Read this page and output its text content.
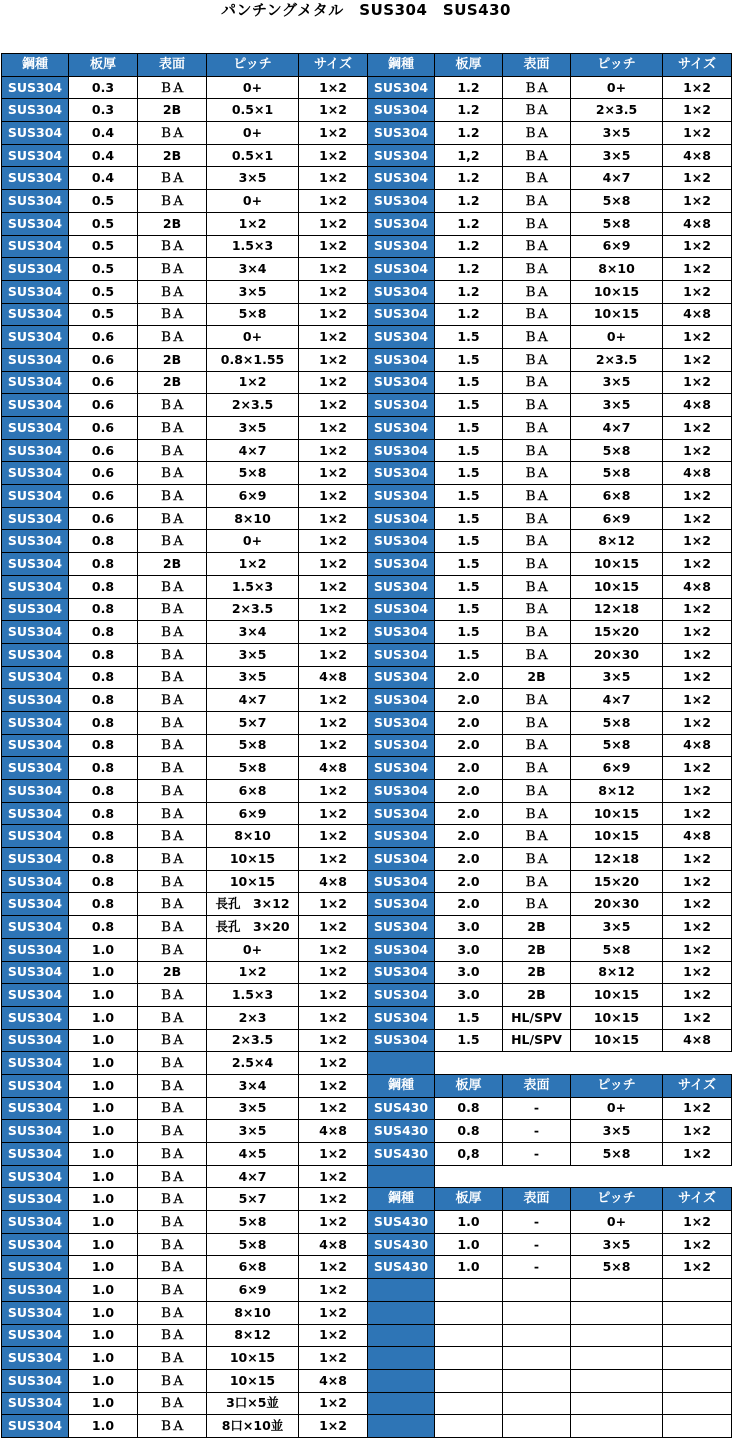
パンチングメタル　SUS304　SUS430
鋼種	板厚	表面	ピッチ	サイズ
SUS304	0.3	ＢＡ	0+	1×2
SUS304	0.3	2B	0.5×1	1×2
SUS304	0.4	ＢＡ	0+	1×2
SUS304	0.4	2B	0.5×1	1×2
SUS304	0.4	ＢＡ	3×5	1×2
SUS304	0.5	ＢＡ	0+	1×2
SUS304	0.5	2B	1×2	1×2
SUS304	0.5	ＢＡ	1.5×3	1×2
SUS304	0.5	ＢＡ	3×4	1×2
SUS304	0.5	ＢＡ	3×5	1×2
SUS304	0.5	ＢＡ	5×8	1×2
SUS304	0.6	ＢＡ	0+	1×2
SUS304	0.6	2B	0.8×1.55	1×2
SUS304	0.6	2B	1×2	1×2
SUS304	0.6	ＢＡ	2×3.5	1×2
SUS304	0.6	ＢＡ	3×5	1×2
SUS304	0.6	ＢＡ	4×7	1×2
SUS304	0.6	ＢＡ	5×8	1×2
SUS304	0.6	ＢＡ	6×9	1×2
SUS304	0.6	ＢＡ	8×10	1×2
SUS304	0.8	ＢＡ	0+	1×2
SUS304	0.8	2B	1×2	1×2
SUS304	0.8	ＢＡ	1.5×3	1×2
SUS304	0.8	ＢＡ	2×3.5	1×2
SUS304	0.8	ＢＡ	3×4	1×2
SUS304	0.8	ＢＡ	3×5	1×2
SUS304	0.8	ＢＡ	3×5	4×8
SUS304	0.8	ＢＡ	4×7	1×2
SUS304	0.8	ＢＡ	5×7	1×2
SUS304	0.8	ＢＡ	5×8	1×2
SUS304	0.8	ＢＡ	5×8	4×8
SUS304	0.8	ＢＡ	6×8	1×2
SUS304	0.8	ＢＡ	6×9	1×2
SUS304	0.8	ＢＡ	8×10	1×2
SUS304	0.8	ＢＡ	10×15	1×2
SUS304	0.8	ＢＡ	10×15	4×8
SUS304	0.8	ＢＡ	長孔　3×12	1×2
SUS304	0.8	ＢＡ	長孔　3×20	1×2
SUS304	1.0	ＢＡ	0+	1×2
SUS304	1.0	2B	1×2	1×2
SUS304	1.0	ＢＡ	1.5×3	1×2
SUS304	1.0	ＢＡ	2×3	1×2
SUS304	1.0	ＢＡ	2×3.5	1×2
SUS304	1.0	ＢＡ	2.5×4	1×2
SUS304	1.0	ＢＡ	3×4	1×2
SUS304	1.0	ＢＡ	3×5	1×2
SUS304	1.0	ＢＡ	3×5	4×8
SUS304	1.0	ＢＡ	4×5	1×2
SUS304	1.0	ＢＡ	4×7	1×2
SUS304	1.0	ＢＡ	5×7	1×2
SUS304	1.0	ＢＡ	5×8	1×2
SUS304	1.0	ＢＡ	5×8	4×8
SUS304	1.0	ＢＡ	6×8	1×2
SUS304	1.0	ＢＡ	6×9	1×2
SUS304	1.0	ＢＡ	8×10	1×2
SUS304	1.0	ＢＡ	8×12	1×2
SUS304	1.0	ＢＡ	10×15	1×2
SUS304	1.0	ＢＡ	10×15	4×8
SUS304	1.0	ＢＡ	3口×5並	1×2
SUS304	1.0	ＢＡ	8口×10並	1×2
鋼種	板厚	表面	ピッチ	サイズ
SUS304	1.2	ＢＡ	0+	1×2
SUS304	1.2	ＢＡ	2×3.5	1×2
SUS304	1.2	ＢＡ	3×5	1×2
SUS304	1,2	ＢＡ	3×5	4×8
SUS304	1.2	ＢＡ	4×7	1×2
SUS304	1.2	ＢＡ	5×8	1×2
SUS304	1.2	ＢＡ	5×8	4×8
SUS304	1.2	ＢＡ	6×9	1×2
SUS304	1.2	ＢＡ	8×10	1×2
SUS304	1.2	ＢＡ	10×15	1×2
SUS304	1.2	ＢＡ	10×15	4×8
SUS304	1.5	ＢＡ	0+	1×2
SUS304	1.5	ＢＡ	2×3.5	1×2
SUS304	1.5	ＢＡ	3×5	1×2
SUS304	1.5	ＢＡ	3×5	4×8
SUS304	1.5	ＢＡ	4×7	1×2
SUS304	1.5	ＢＡ	5×8	1×2
SUS304	1.5	ＢＡ	5×8	4×8
SUS304	1.5	ＢＡ	6×8	1×2
SUS304	1.5	ＢＡ	6×9	1×2
SUS304	1.5	ＢＡ	8×12	1×2
SUS304	1.5	ＢＡ	10×15	1×2
SUS304	1.5	ＢＡ	10×15	4×8
SUS304	1.5	ＢＡ	12×18	1×2
SUS304	1.5	ＢＡ	15×20	1×2
SUS304	1.5	ＢＡ	20×30	1×2
SUS304	2.0	2B	3×5	1×2
SUS304	2.0	ＢＡ	4×7	1×2
SUS304	2.0	ＢＡ	5×8	1×2
SUS304	2.0	ＢＡ	5×8	4×8
SUS304	2.0	ＢＡ	6×9	1×2
SUS304	2.0	ＢＡ	8×12	1×2
SUS304	2.0	ＢＡ	10×15	1×2
SUS304	2.0	ＢＡ	10×15	4×8
SUS304	2.0	ＢＡ	12×18	1×2
SUS304	2.0	ＢＡ	15×20	1×2
SUS304	2.0	ＢＡ	20×30	1×2
SUS304	3.0	2B	3×5	1×2
SUS304	3.0	2B	5×8	1×2
SUS304	3.0	2B	8×12	1×2
SUS304	3.0	2B	10×15	1×2
SUS304	1.5	HL/SPV	10×15	1×2
SUS304	1.5	HL/SPV	10×15	4×8

鋼種	板厚	表面	ピッチ	サイズ
SUS430	0.8	-	0+	1×2
SUS430	0.8	-	3×5	1×2
SUS430	0,8	-	5×8	1×2

鋼種	板厚	表面	ピッチ	サイズ
SUS430	1.0	-	0+	1×2
SUS430	1.0	-	3×5	1×2
SUS430	1.0	-	5×8	1×2
